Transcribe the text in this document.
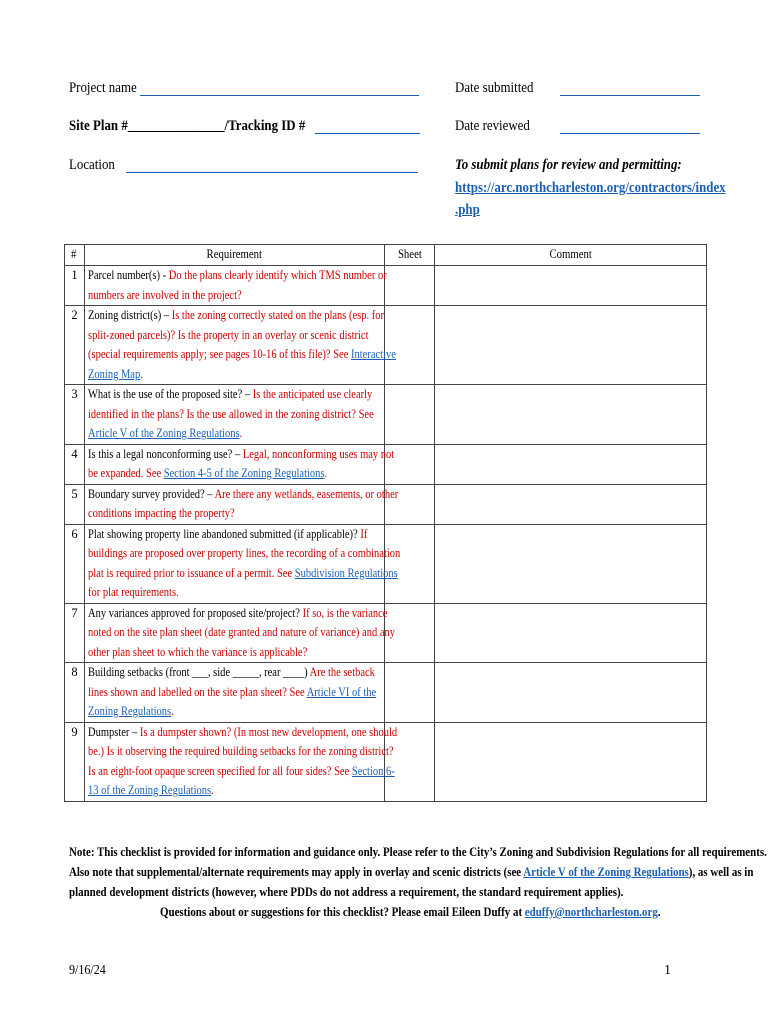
Project name	Date submitted
Site Plan #_______________/Tracking ID #	Date reviewed
Location	To submit plans for review and permitting:
https://arc.northcharleston.org/contractors/index
.php
#	Requirement	Sheet	Comment
1	Parcel number(s) - Do the plans clearly identify which TMS number or
numbers are involved in the project?		

2	Zoning district(s) – Is the zoning correctly stated on the plans (esp. for
split-zoned parcels)? Is the property in an overlay or scenic district
(special requirements apply; see pages 10-16 of this file)? See Interactive
Zoning Map.		

3	What is the use of the proposed site? – Is the anticipated use clearly
identified in the plans? Is the use allowed in the zoning district? See
Article V of the Zoning Regulations.		

4	Is this a legal nonconforming use? – Legal, nonconforming uses may not
be expanded. See Section 4-5 of the Zoning Regulations.		

5	Boundary survey provided? – Are there any wetlands, easements, or other
conditions impacting the property?		

6	Plat showing property line abandoned submitted (if applicable)? If
buildings are proposed over property lines, the recording of a combination
plat is required prior to issuance of a permit. See Subdivision Regulations
for plat requirements.		

7	Any variances approved for proposed site/project? If so, is the variance
noted on the site plan sheet (date granted and nature of variance) and any
other plan sheet to which the variance is applicable?		

8	Building setbacks (front ___, side _____, rear ____) Are the setback
lines shown and labelled on the site plan sheet? See Article VI of the
Zoning Regulations.		

9	Dumpster – Is a dumpster shown? (In most new development, one should
be.) Is it observing the required building setbacks for the zoning district?
Is an eight-foot opaque screen specified for all four sides? See Section 6-
13 of the Zoning Regulations.		

Note: This checklist is provided for information and guidance only. Please refer to the City’s Zoning and Subdivision Regulations for all requirements.
Also note that supplemental/alternate requirements may apply in overlay and scenic districts (see Article V of the Zoning Regulations), as well as in
planned development districts (however, where PDDs do not address a requirement, the standard requirement applies).
Questions about or suggestions for this checklist? Please email Eileen Duffy at eduffy@northcharleston.org.
9/16/24	1
